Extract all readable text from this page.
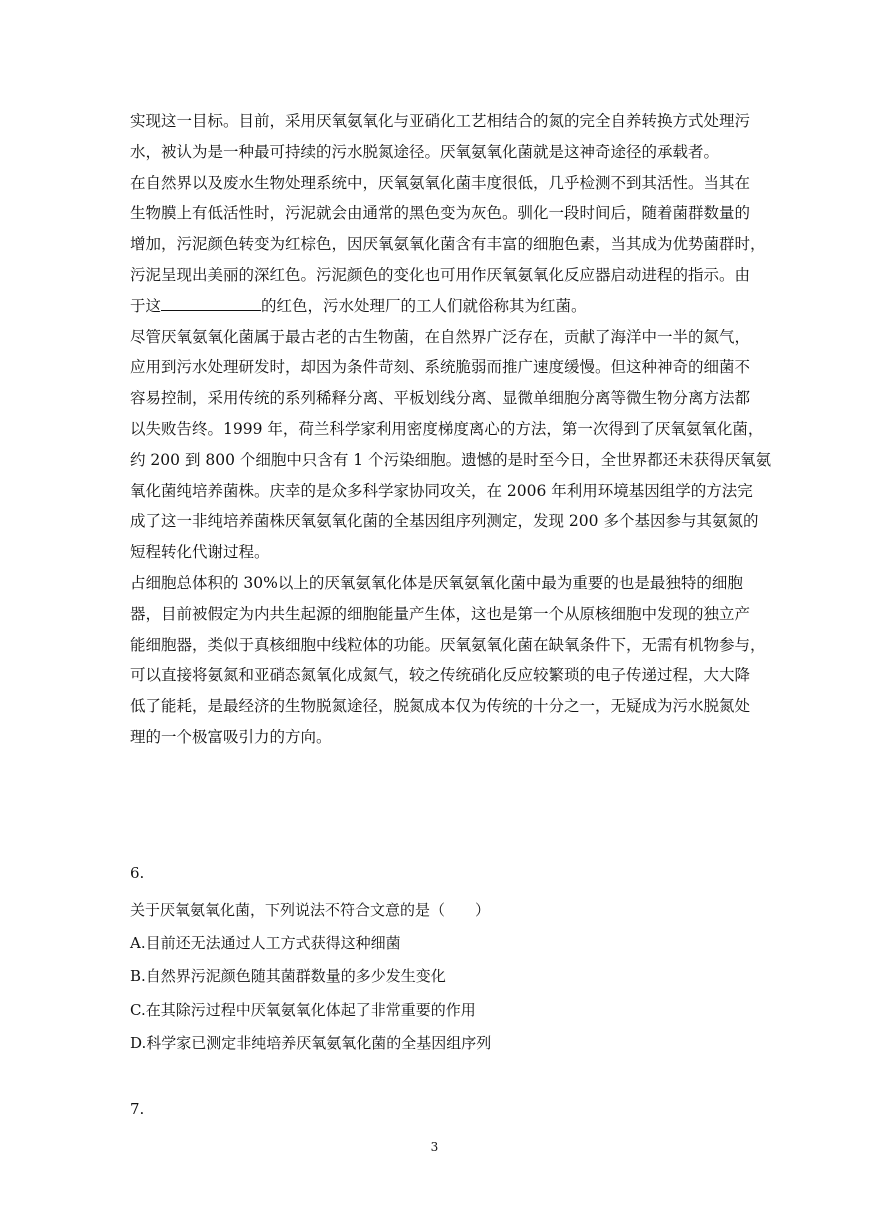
实现这一目标。目前，采用厌氧氨氧化与亚硝化工艺相结合的氮的完全自养转换方式处理污

水，被认为是一种最可持续的污水脱氮途径。厌氧氨氧化菌就是这神奇途径的承载者。

在自然界以及废水生物处理系统中，厌氧氨氧化菌丰度很低，几乎检测不到其活性。当其在

生物膜上有低活性时，污泥就会由通常的黑色变为灰色。驯化一段时间后，随着菌群数量的

增加，污泥颜色转变为红棕色，因厌氧氨氧化菌含有丰富的细胞色素，当其成为优势菌群时，

污泥呈现出美丽的深红色。污泥颜色的变化也可用作厌氧氨氧化反应器启动进程的指示。由

于这	的红色，污水处理厂的工人们就俗称其为红菌。

尽管厌氧氨氧化菌属于最古老的古生物菌，在自然界广泛存在，贡献了海洋中一半的氮气，

应用到污水处理研发时，却因为条件苛刻、系统脆弱而推广速度缓慢。但这种神奇的细菌不

容易控制，采用传统的系列稀释分离、平板划线分离、显微单细胞分离等微生物分离方法都

以失败告终。1999 年，荷兰科学家利用密度梯度离心的方法，第一次得到了厌氧氨氧化菌，

约 200 到 800 个细胞中只含有 1 个污染细胞。遗憾的是时至今日，全世界都还未获得厌氧氨

氧化菌纯培养菌株。庆幸的是众多科学家协同攻关，在 2006 年利用环境基因组学的方法完

成了这一非纯培养菌株厌氧氨氧化菌的全基因组序列测定，发现 200 多个基因参与其氨氮的

短程转化代谢过程。

占细胞总体积的 30%以上的厌氧氨氧化体是厌氧氨氧化菌中最为重要的也是最独特的细胞

器，目前被假定为内共生起源的细胞能量产生体，这也是第一个从原核细胞中发现的独立产

能细胞器，类似于真核细胞中线粒体的功能。厌氧氨氧化菌在缺氧条件下，无需有机物参与，

可以直接将氨氮和亚硝态氮氧化成氮气，较之传统硝化反应较繁琐的电子传递过程，大大降

低了能耗，是最经济的生物脱氮途径，脱氮成本仅为传统的十分之一，无疑成为污水脱氮处

理的一个极富吸引力的方向。

6.
关于厌氧氨氧化菌，下列说法不符合文意的是（　　）
A.目前还无法通过人工方式获得这种细菌
B.自然界污泥颜色随其菌群数量的多少发生变化
C.在其除污过程中厌氧氨氧化体起了非常重要的作用
D.科学家已测定非纯培养厌氧氨氧化菌的全基因组序列
7.
3
